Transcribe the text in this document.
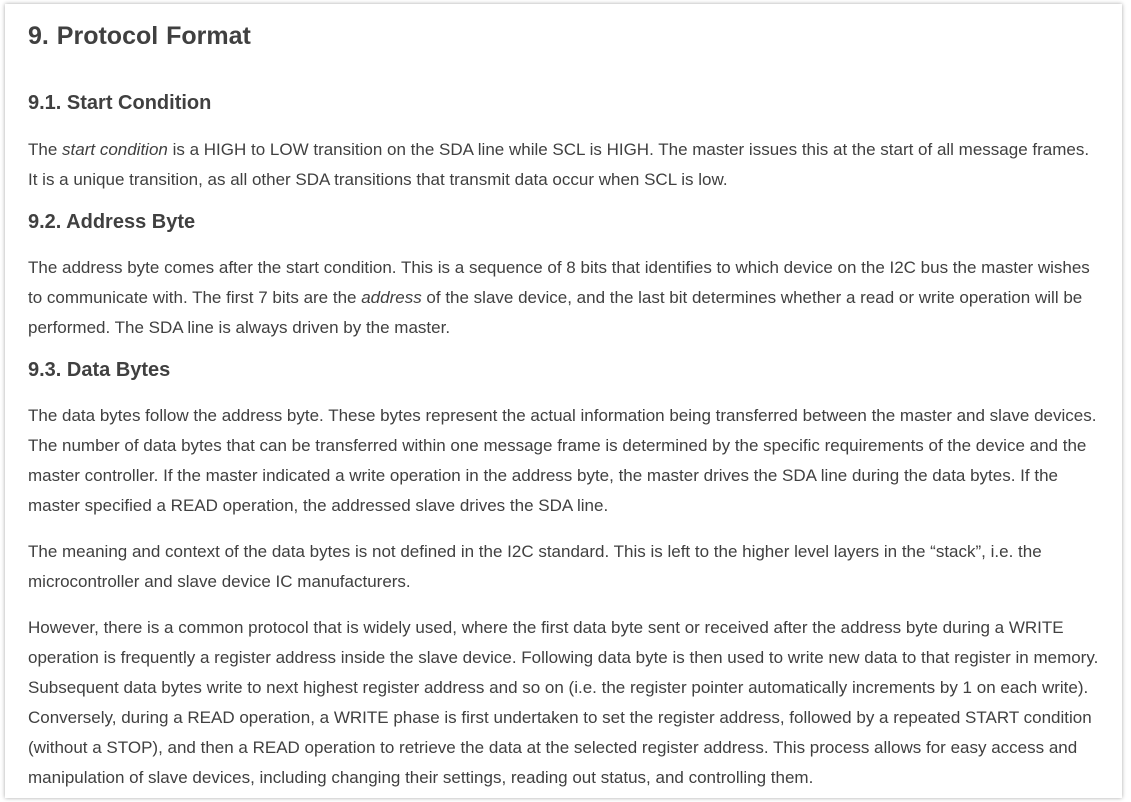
9. Protocol Format
9.1. Start Condition

The start condition is a HIGH to LOW transition on the SDA line while SCL is HIGH. The master issues this at the start of all message frames. It is a unique transition, as all other SDA transitions that transmit data occur when SCL is low.

9.2. Address Byte

The address byte comes after the start condition. This is a sequence of 8 bits that identifies to which device on the I2C bus the master wishes to communicate with. The first 7 bits are the address of the slave device, and the last bit determines whether a read or write operation will be performed. The SDA line is always driven by the master.

9.3. Data Bytes

The data bytes follow the address byte. These bytes represent the actual information being transferred between the master and slave devices. The number of data bytes that can be transferred within one message frame is determined by the specific requirements of the device and the master controller. If the master indicated a write operation in the address byte, the master drives the SDA line during the data bytes. If the master specified a READ operation, the addressed slave drives the SDA line.

The meaning and context of the data bytes is not defined in the I2C standard. This is left to the higher level layers in the “stack”, i.e. the microcontroller and slave device IC manufacturers.

However, there is a common protocol that is widely used, where the first data byte sent or received after the address byte during a WRITE operation is frequently a register address inside the slave device. Following data byte is then used to write new data to that register in memory. Subsequent data bytes write to next highest register address and so on (i.e. the register pointer automatically increments by 1 on each write). Conversely, during a READ operation, a WRITE phase is first undertaken to set the register address, followed by a repeated START condition (without a STOP), and then a READ operation to retrieve the data at the selected register address. This process allows for easy access and manipulation of slave devices, including changing their settings, reading out status, and controlling them.
